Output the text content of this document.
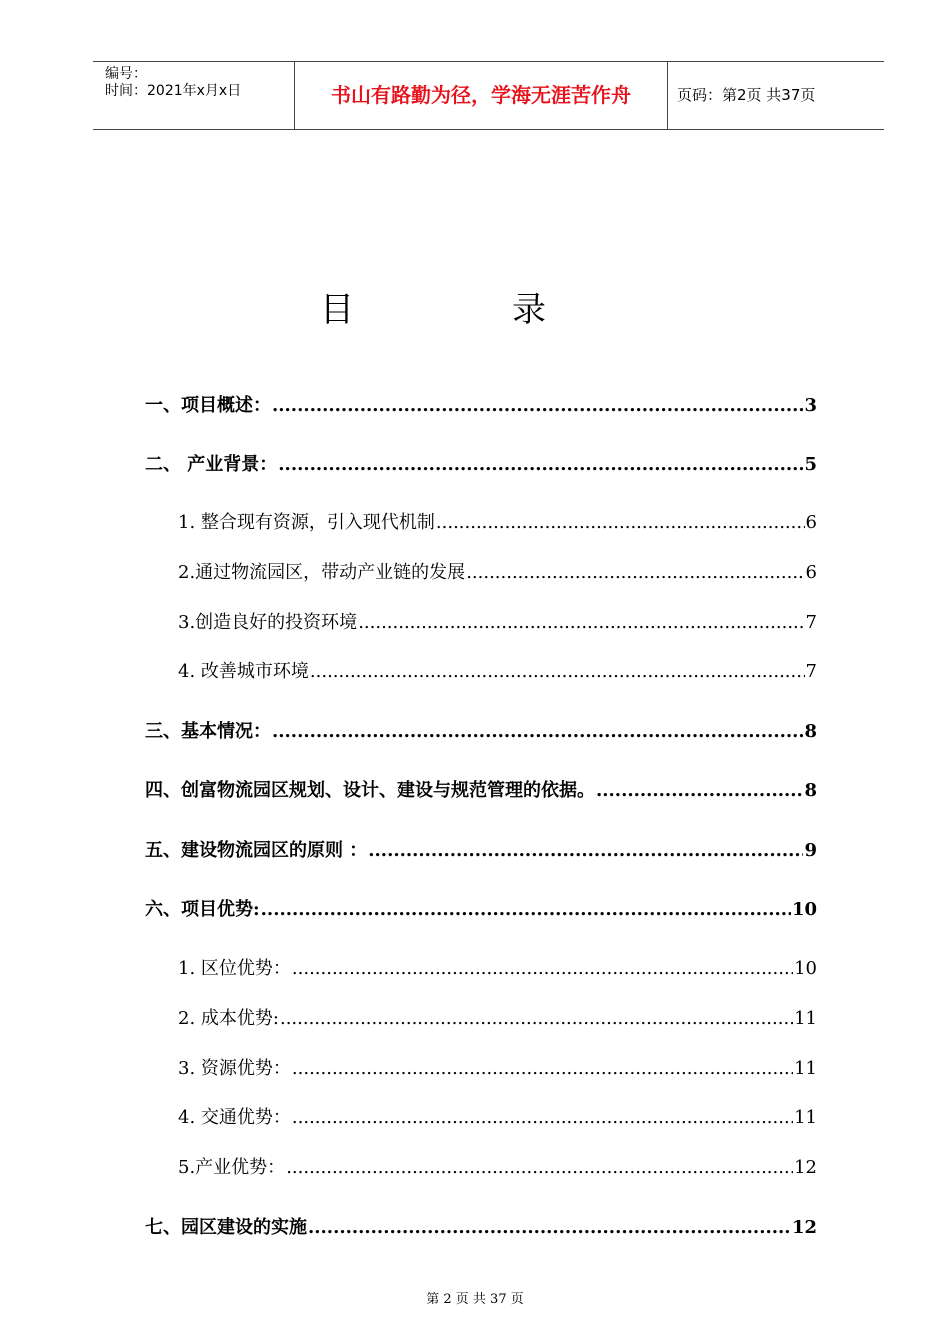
编号：
时间：2021年x月x日	书山有路勤为径，学海无涯苦作舟	页码：第2页 共37页
目	录
一、项目概述： .....	3
二、 产业背景： .....	5
1. 整合现有资源，引入现代机制 .....	6
2.通过物流园区，带动产业链的发展 .....	6
3.创造良好的投资环境 .....	7
4. 改善城市环境 .....	7
三、基本情况： .....	8
四、创富物流园区规划、设计、建设与规范管理的依据。 .....	8
五、建设物流园区的原则 ： .....	9
六、项目优势: .....	10
1. 区位优势： .....	10
2. 成本优势: .....	11
3. 资源优势： .....	11
4. 交通优势： .....	11
5.产业优势： .....	12
七、园区建设的实施 .....	12
第 2 页 共 37 页
